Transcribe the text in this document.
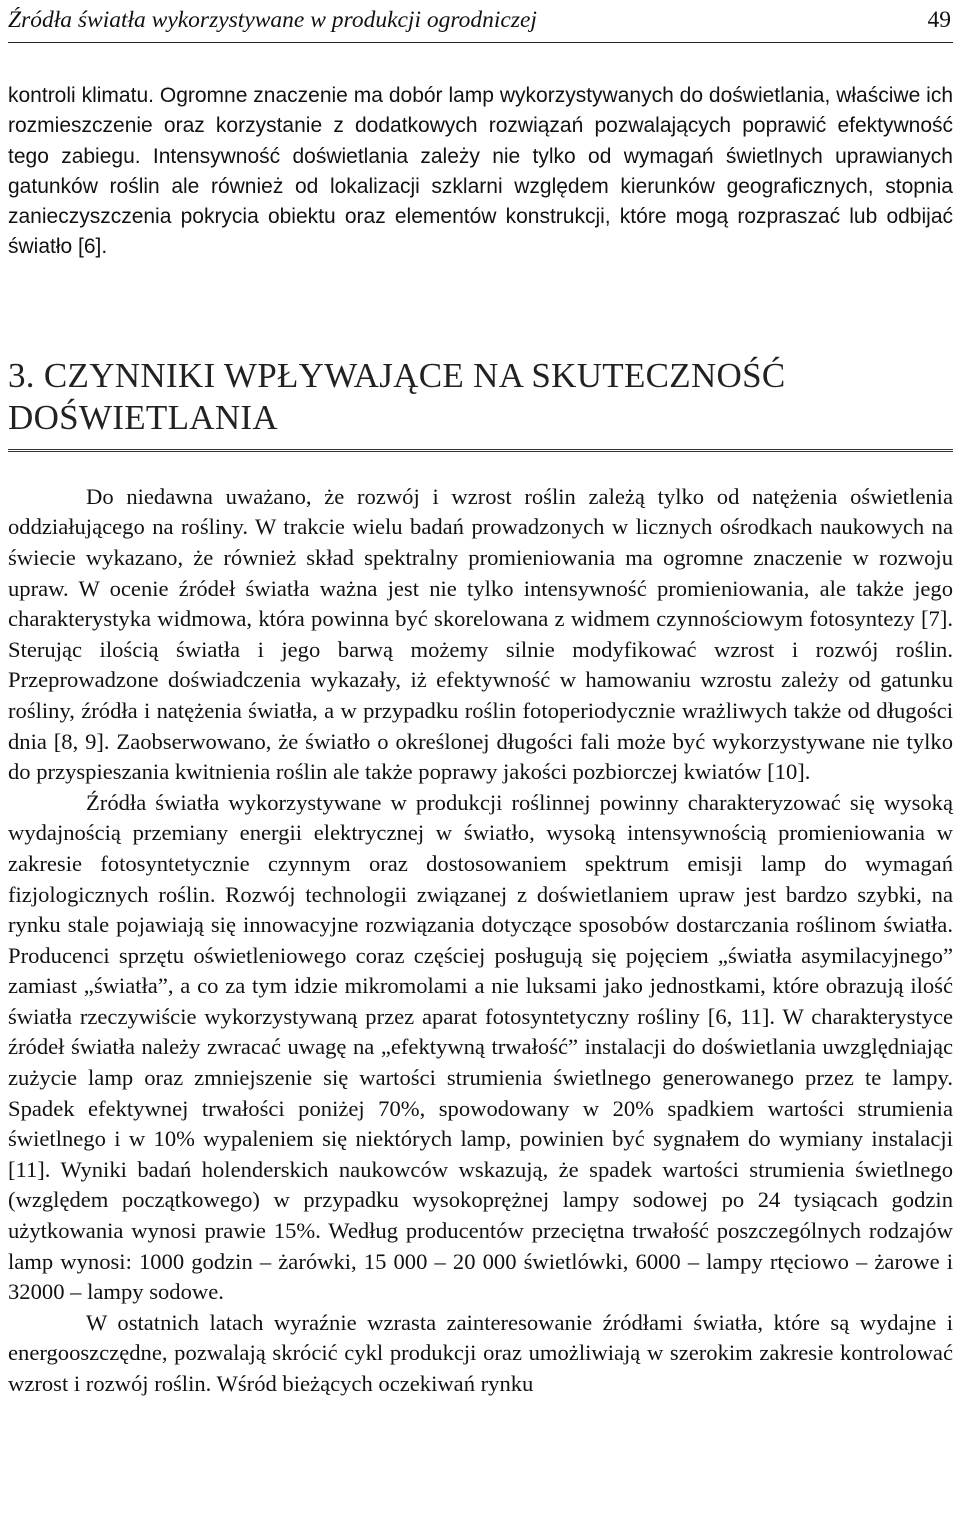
Źródła światła wykorzystywane w produkcji ogrodniczej	49

kontroli klimatu. Ogromne znaczenie ma dobór lamp wykorzystywanych do doświetlania, właściwe ich rozmieszczenie oraz korzystanie z dodatkowych rozwiązań pozwalających poprawić efektywność tego zabiegu. Intensywność doświetlania zależy nie tylko od wymagań świetlnych uprawianych gatunków roślin ale również od lokalizacji szklarni względem kierunków geograficznych, stopnia zanieczyszczenia pokrycia obiektu oraz elementów konstrukcji, które mogą rozpraszać lub odbijać światło [6].

3. CZYNNIKI WPŁYWAJĄCE NA SKUTECZNOŚĆ
DOŚWIETLANIA

Do niedawna uważano, że rozwój i wzrost roślin zależą tylko od natężenia oświetlenia oddziałującego na rośliny. W trakcie wielu badań prowadzonych w licznych ośrodkach naukowych na świecie wykazano, że również skład spektralny promieniowania ma ogromne znaczenie w rozwoju upraw. W ocenie źródeł światła ważna jest nie tylko intensywność promieniowania, ale także jego charakterystyka widmowa, która powinna być skorelowana z widmem czynnościowym fotosyntezy [7]. Sterując ilością światła i jego barwą możemy silnie modyfikować wzrost i rozwój roślin. Przeprowadzone doświadczenia wykazały, iż efektywność w hamowaniu wzrostu zależy od gatunku rośliny, źródła i natężenia światła, a w przypadku roślin fotoperiodycznie wrażliwych także od długości dnia [8, 9]. Zaobserwowano, że światło o określonej długości fali może być wykorzystywane nie tylko do przyspieszania kwitnienia roślin ale także poprawy jakości pozbiorczej kwiatów [10].

Źródła światła wykorzystywane w produkcji roślinnej powinny charakteryzować się wysoką wydajnością przemiany energii elektrycznej w światło, wysoką intensywnością promieniowania w zakresie fotosyntetycznie czynnym oraz dostosowaniem spektrum emisji lamp do wymagań fizjologicznych roślin. Rozwój technologii związanej z doświetlaniem upraw jest bardzo szybki, na rynku stale pojawiają się innowacyjne rozwiązania dotyczące sposobów dostarczania roślinom światła. Producenci sprzętu oświetleniowego coraz częściej posługują się pojęciem „światła asymilacyjnego” zamiast „światła”, a co za tym idzie mikromolami a nie luksami jako jednostkami, które obrazują ilość światła rzeczywiście wykorzystywaną przez aparat fotosyntetyczny rośliny [6, 11]. W charakterystyce źródeł światła należy zwracać uwagę na „efektywną trwałość” instalacji do doświetlania uwzględniając zużycie lamp oraz zmniejszenie się wartości strumienia świetlnego generowanego przez te lampy. Spadek efektywnej trwałości poniżej 70%, spowodowany w 20% spadkiem wartości strumienia świetlnego i w 10% wypaleniem się niektórych lamp, powinien być sygnałem do wymiany instalacji [11]. Wyniki badań holenderskich naukowców wskazują, że spadek wartości strumienia świetlnego (względem początkowego) w przypadku wysokoprężnej lampy sodowej po 24 tysiącach godzin użytkowania wynosi prawie 15%. Według producentów przeciętna trwałość poszczególnych rodzajów lamp wynosi: 1000 godzin – żarówki, 15 000 – 20 000 świetlówki, 6000 – lampy rtęciowo – żarowe i 32000 – lampy sodowe.

W ostatnich latach wyraźnie wzrasta zainteresowanie źródłami światła, które są wydajne i energooszczędne, pozwalają skrócić cykl produkcji oraz umożliwiają w szerokim zakresie kontrolować wzrost i rozwój roślin. Wśród bieżących oczekiwań rynku
